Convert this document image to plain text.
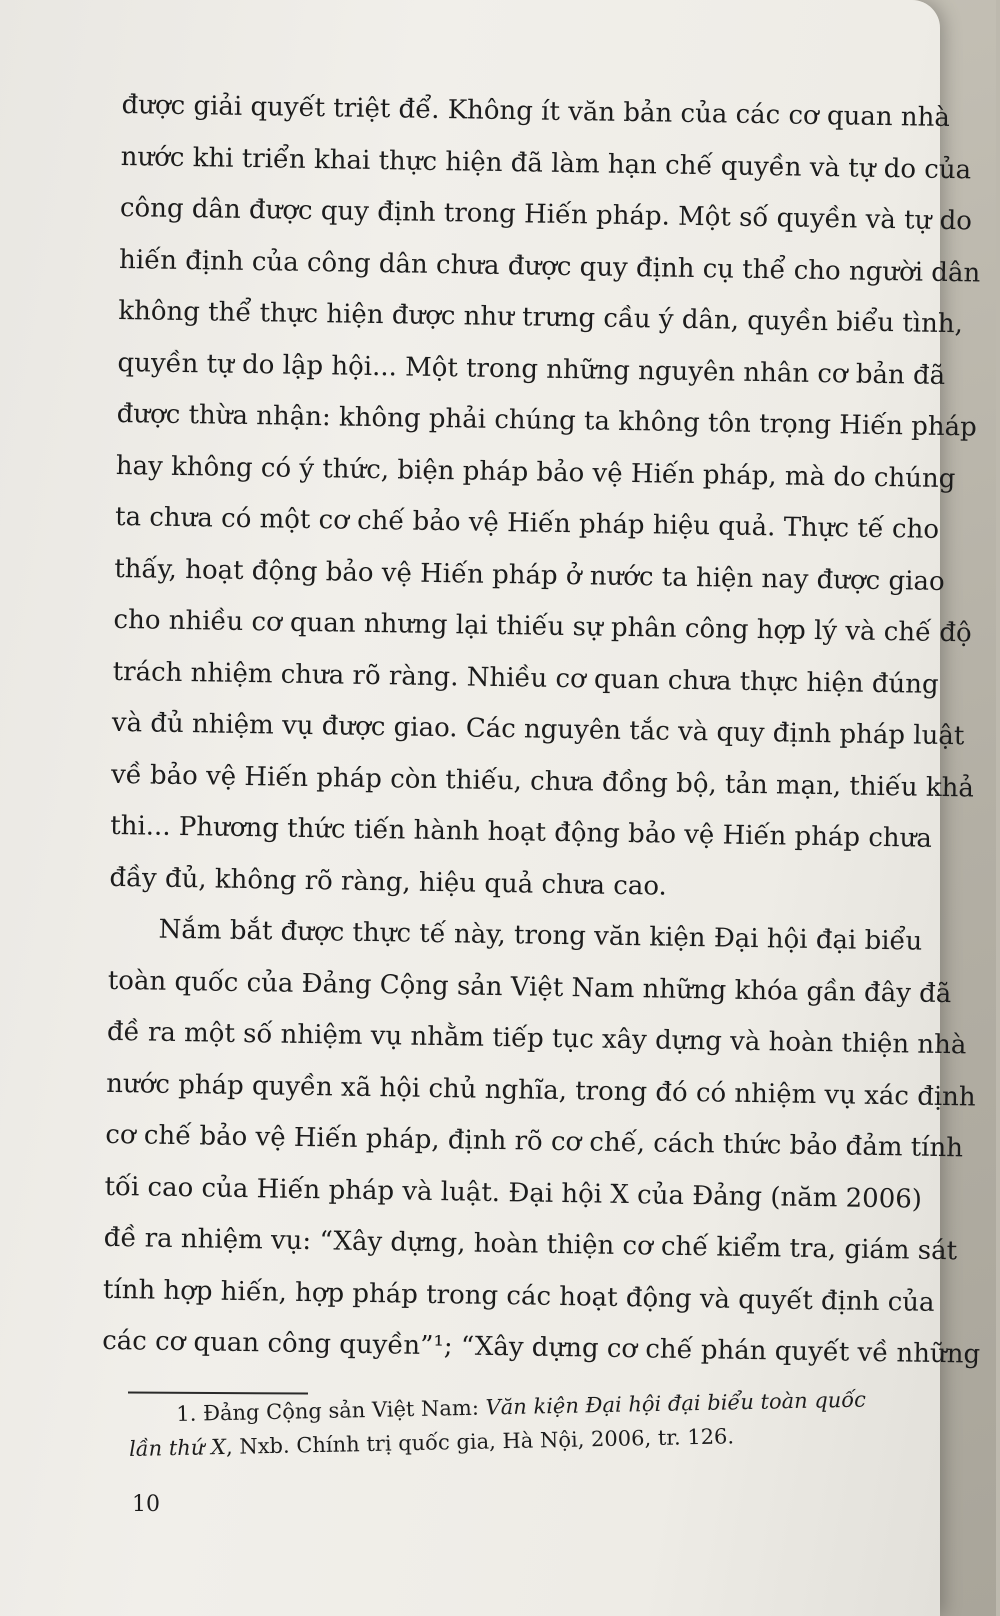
được giải quyết triệt để. Không ít văn bản của các cơ quan nhà
nước khi triển khai thực hiện đã làm hạn chế quyền và tự do của
công dân được quy định trong Hiến pháp. Một số quyền và tự do
hiến định của công dân chưa được quy định cụ thể cho người dân
không thể thực hiện được như trưng cầu ý dân, quyền biểu tình,
quyền tự do lập hội... Một trong những nguyên nhân cơ bản đã
được thừa nhận: không phải chúng ta không tôn trọng Hiến pháp
hay không có ý thức, biện pháp bảo vệ Hiến pháp, mà do chúng
ta chưa có một cơ chế bảo vệ Hiến pháp hiệu quả. Thực tế cho
thấy, hoạt động bảo vệ Hiến pháp ở nước ta hiện nay được giao
cho nhiều cơ quan nhưng lại thiếu sự phân công hợp lý và chế độ
trách nhiệm chưa rõ ràng. Nhiều cơ quan chưa thực hiện đúng
và đủ nhiệm vụ được giao. Các nguyên tắc và quy định pháp luật
về bảo vệ Hiến pháp còn thiếu, chưa đồng bộ, tản mạn, thiếu khả
thi... Phương thức tiến hành hoạt động bảo vệ Hiến pháp chưa
đầy đủ, không rõ ràng, hiệu quả chưa cao.
Nắm bắt được thực tế này, trong văn kiện Đại hội đại biểu
toàn quốc của Đảng Cộng sản Việt Nam những khóa gần đây đã
đề ra một số nhiệm vụ nhằm tiếp tục xây dựng và hoàn thiện nhà
nước pháp quyền xã hội chủ nghĩa, trong đó có nhiệm vụ xác định
cơ chế bảo vệ Hiến pháp, định rõ cơ chế, cách thức bảo đảm tính
tối cao của Hiến pháp và luật. Đại hội X của Đảng (năm 2006)
đề ra nhiệm vụ: “Xây dựng, hoàn thiện cơ chế kiểm tra, giám sát
tính hợp hiến, hợp pháp trong các hoạt động và quyết định của
các cơ quan công quyền”¹; “Xây dựng cơ chế phán quyết về những
1. Đảng Cộng sản Việt Nam: Văn kiện Đại hội đại biểu toàn quốc
lần thứ X, Nxb. Chính trị quốc gia, Hà Nội, 2006, tr. 126.
10
